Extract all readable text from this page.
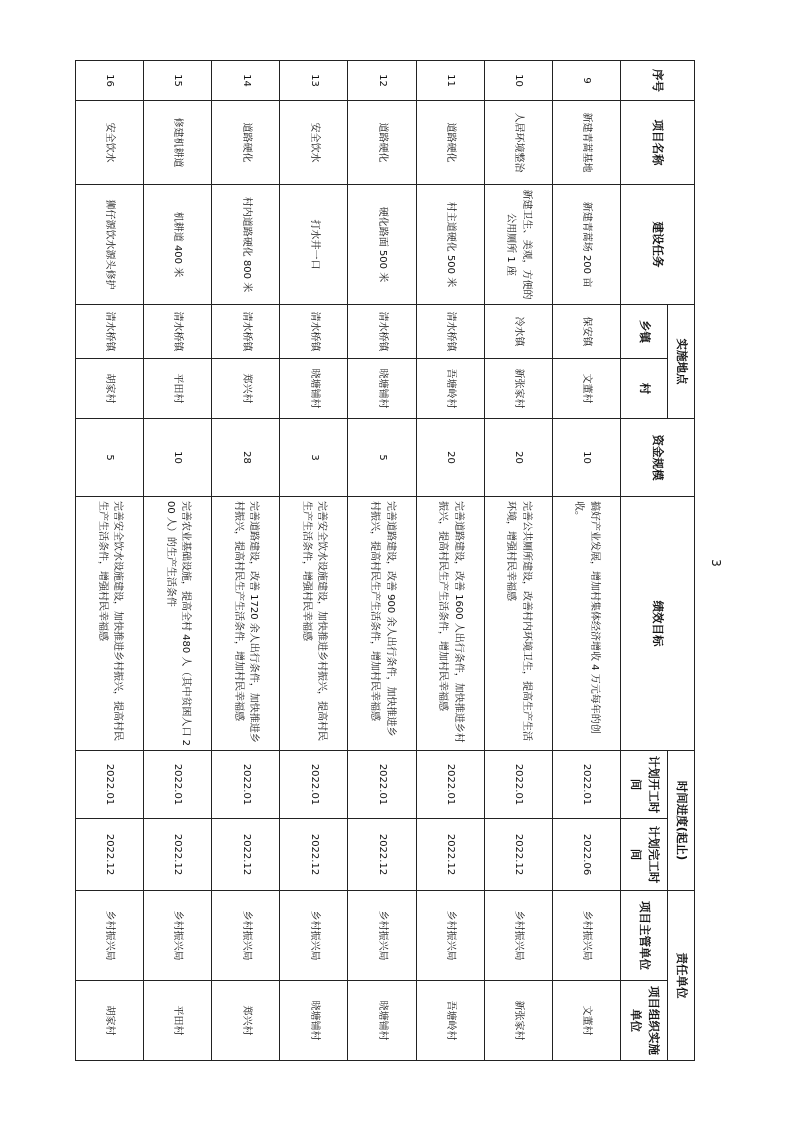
序号	项目名称	建设任务	实施地点		资金规模	绩效目标	时间进度(起止)		责任单位	
			乡镇	村			计划开工时间	计划完工时间	项目主管单位	项目组织实施单位
9	新建青蒿基地	新建青蒿场 200 亩	保安镇	文董村	10	搞好产业发展，增加村集体经济增收 4 万元每年的创收。	2022.01	2022.06	乡村振兴局	文董村
10	人居环境整治	新建卫生、美观，方便的公用厕所 1 座	冷水镇	新张家村	20	完善公共厕所建设，改善村内环境卫生，提高生产生活环境，增强村民幸福感	2022.01	2022.12	乡村振兴局	新张家村
11	道路硬化	村主道硬化 500 米	清水桥镇	吾塘岭村	20	完善道路建设，改善 1600 人出行条件，加快推进乡村振兴，提高村民生产生活条件，增加村民幸福感	2022.01	2022.12	乡村振兴局	吾塘岭村
12	道路硬化	硬化路面 500 米	清水桥镇	晓塘铺村	5	完善道路建设，改善 900 余人出行条件，加快推进乡村振兴，提高村民生产生活条件，增加村民幸福感	2022.01	2022.12	乡村振兴局	晓塘铺村
13	安全饮水	打水井一口	清水桥镇	晓塘铺村	3	完善安全饮水设施建设，加快推进乡村振兴，提高村民生产生活条件，增强村民幸福感	2022.01	2022.12	乡村振兴局	晓塘铺村
14	道路硬化	村内道路硬化 800 米	清水桥镇	郑兴村	28	完善道路建设，改善 1720 余人出行条件，加快推进乡村振兴，提高村民生产生活条件，增加村民幸福感	2022.01	2022.12	乡村振兴局	郑兴村
15	修建机耕道	机耕道 400 米	清水桥镇	平田村	10	完善农业基础设施，提高全村 480 人（其中贫困人口 200 人）的生产生活条件	2022.01	2022.12	乡村振兴局	平田村
16	安全饮水	狮仔源饮水源头修护	清水桥镇	胡家村	5	完善安全饮水设施建设，加快推进乡村振兴，提高村民生产生活条件，增强村民幸福感	2022.01	2022.12	乡村振兴局	胡家村
3
